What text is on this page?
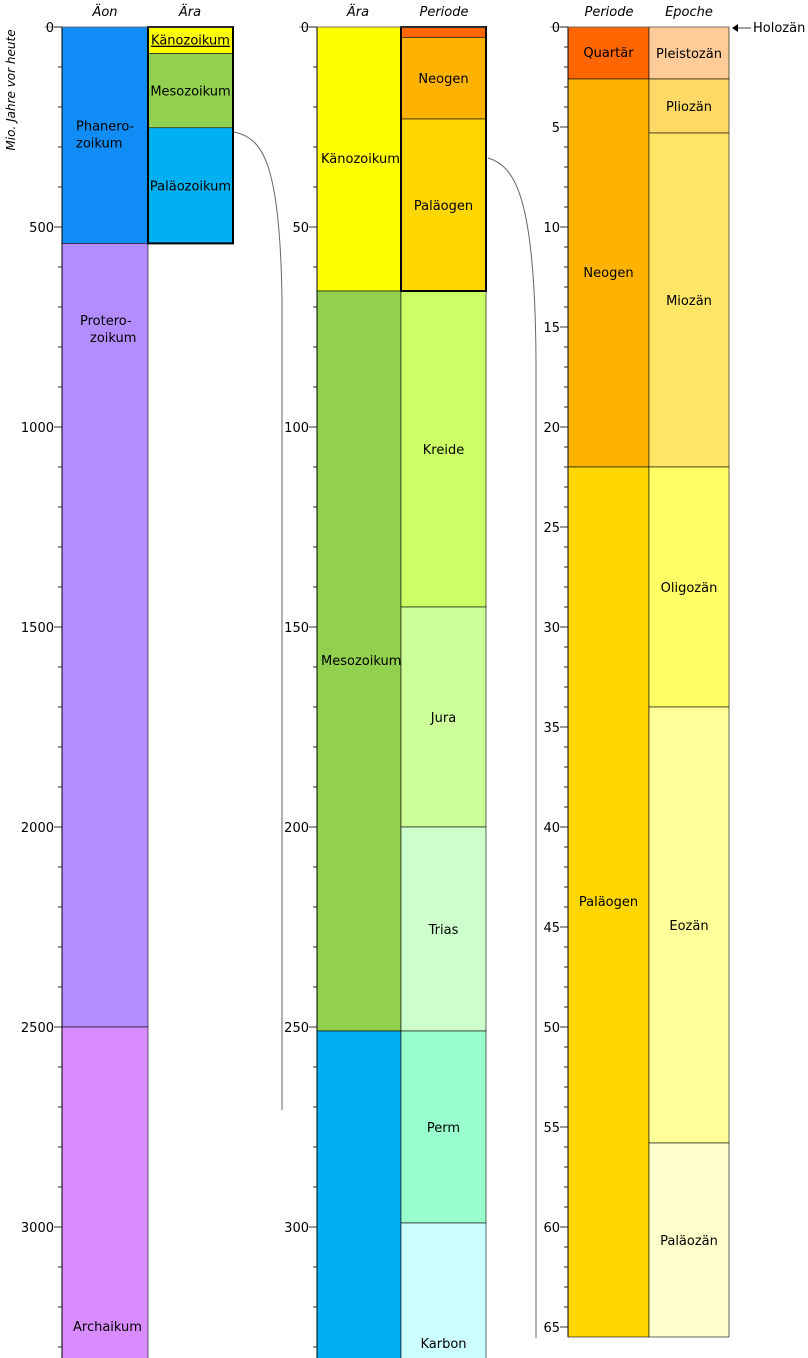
Mio. Jahre vor heute
Äon	Ära
Phanero-
zoikum
Protero-
zoikum
Archaikum
Känozoikum
Mesozoikum
Paläozoikum
0
500
1000
1500
2000
2500
3000
Ära	Periode
Känozoikum
Mesozoikum
Neogen
Paläogen
Kreide
Jura
Trias
Perm
Karbon
0
50
100
150
200
250
300
Periode Epoche
Quartär
Neogen
Paläogen
Pleistozän
Pliozän
Miozän
Oligozän
Eozän
Paläozän
0
5
10
15
20
25
30
35
40
45
50
55
60
65
Holozän
